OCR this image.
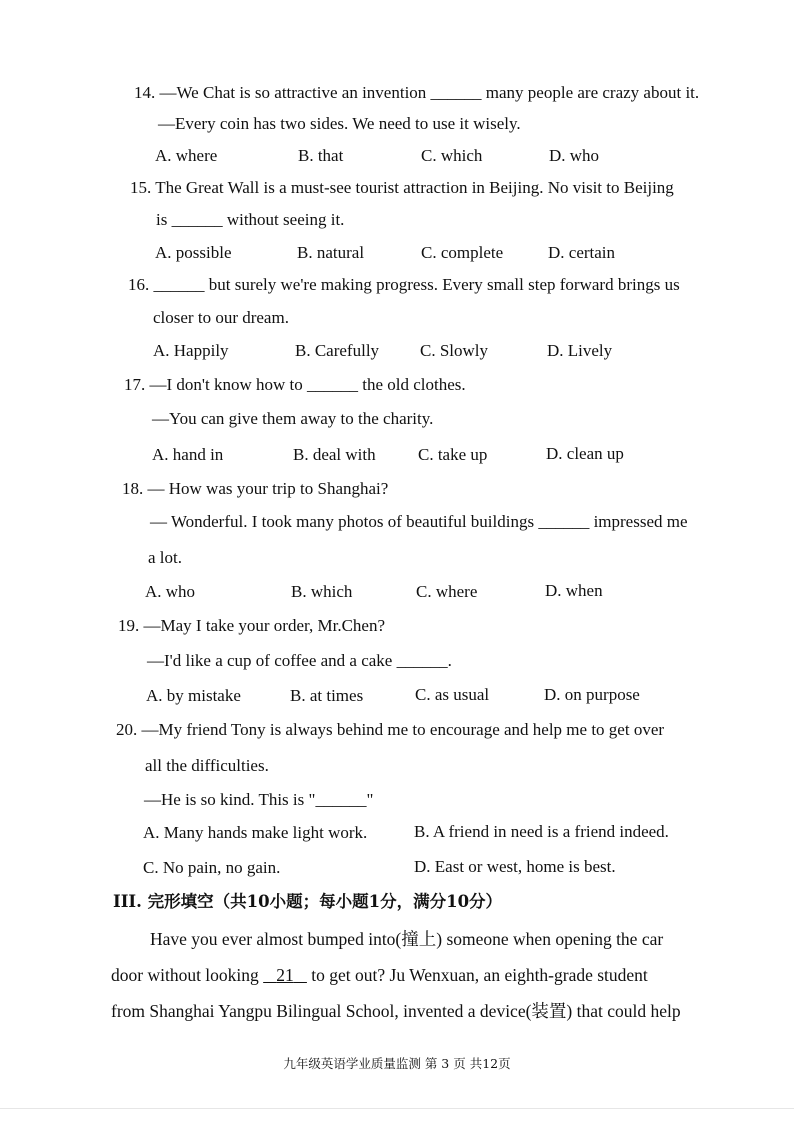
14. —We Chat is so attractive an invention ______ many people are crazy about it.
—Every coin has two sides. We need to use it wisely.
A. where	B. that	C. which	D. who
15. The Great Wall is a must-see tourist attraction in Beijing. No visit to Beijing
is ______ without seeing it.
A. possible	B. natural	C. complete	D. certain
16. ______ but surely we're making progress. Every small step forward brings us
closer to our dream.
A. Happily	B. Carefully C. Slowly	D. Lively
17. —I don't know how to ______ the old clothes.
—You can give them away to the charity.
A. hand in	B. deal with C. take up	D. clean up
18. — How was your trip to Shanghai?
— Wonderful. I took many photos of beautiful buildings ______ impressed me
a lot.
A. who	B. which	C. where	D. when
19. —May I take your order, Mr.Chen?
—I'd like a cup of coffee and a cake ______.
A. by mistake	B. at times	C. as usual	D. on purpose
20. —My friend Tony is always behind me to encourage and help me to get over
all the difficulties.
—He is so kind. This is "______"
A. Many hands make light work.	B. A friend in need is a friend indeed.
C. No pain, no gain.	D. East or west, home is best.
III. 完形填空（共10小题；每小题1分，满分10分）
Have you ever almost bumped into(撞上) someone when opening the car
door without looking    21    to get out? Ju Wenxuan, an eighth-grade student
from Shanghai Yangpu Bilingual School, invented a device(装置) that could help
九年级英语学业质量监测 第 3 页 共12页
